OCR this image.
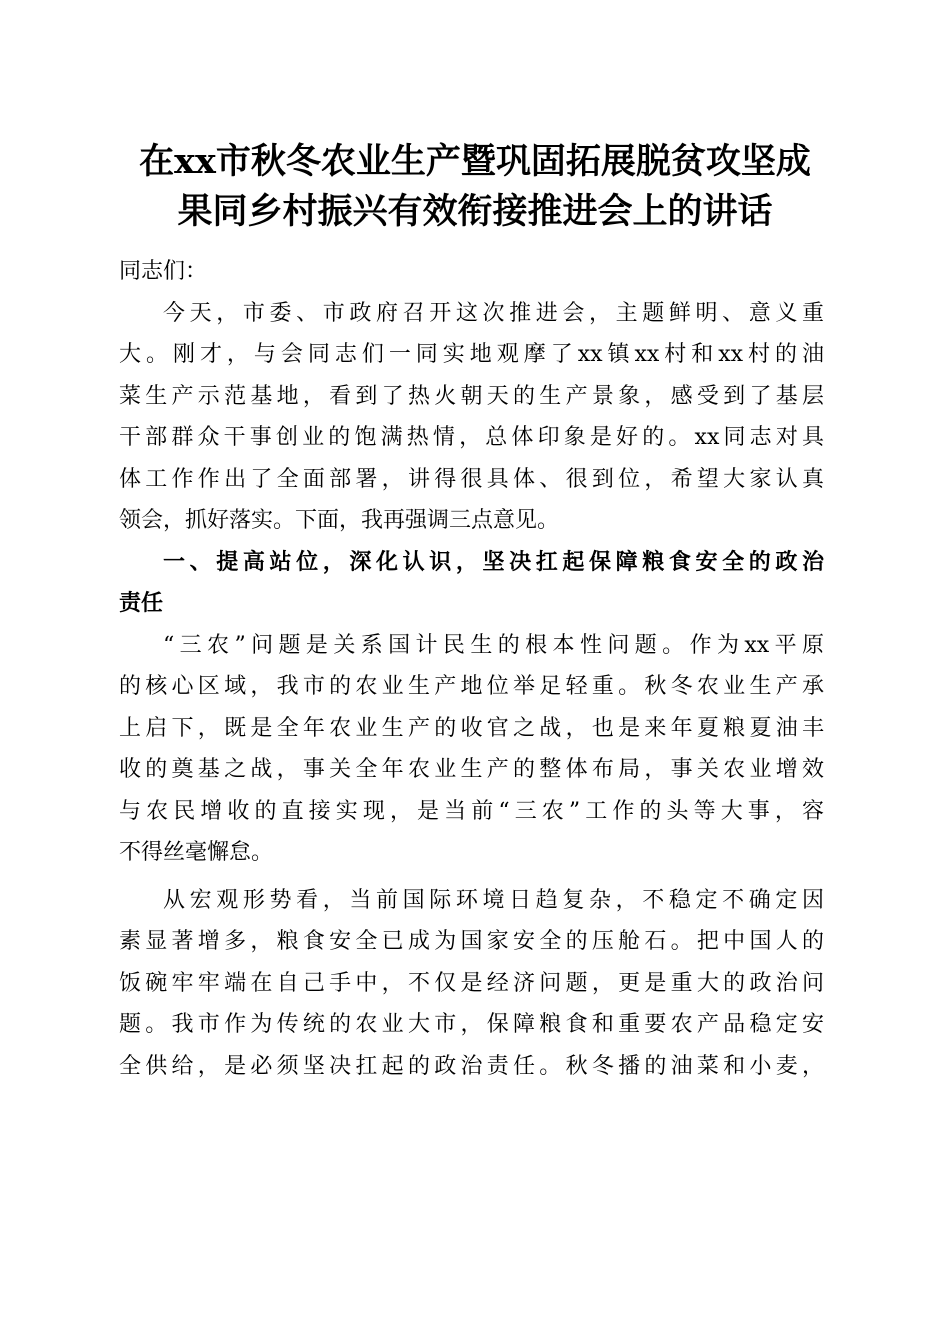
在xx市秋冬农业生产暨巩固拓展脱贫攻坚成
果同乡村振兴有效衔接推进会上的讲话

同志们：

今天，市委、市政府召开这次推进会，主题鲜明、意义重
大。刚才，与会同志们一同实地观摩了xx镇xx村和xx村的油
菜生产示范基地，看到了热火朝天的生产景象，感受到了基层
干部群众干事创业的饱满热情，总体印象是好的。xx同志对具
体工作作出了全面部署，讲得很具体、很到位，希望大家认真
领会，抓好落实。下面，我再强调三点意见。

一、提高站位，深化认识，坚决扛起保障粮食安全的政治
责任

“三农”问题是关系国计民生的根本性问题。作为xx平原
的核心区域，我市的农业生产地位举足轻重。秋冬农业生产承
上启下，既是全年农业生产的收官之战，也是来年夏粮夏油丰
收的奠基之战，事关全年农业生产的整体布局，事关农业增效
与农民增收的直接实现，是当前“三农”工作的头等大事，容
不得丝毫懈怠。

从宏观形势看，当前国际环境日趋复杂，不稳定不确定因
素显著增多，粮食安全已成为国家安全的压舱石。把中国人的
饭碗牢牢端在自己手中，不仅是经济问题，更是重大的政治问
题。我市作为传统的农业大市，保障粮食和重要农产品稳定安
全供给，是必须坚决扛起的政治责任。秋冬播的油菜和小麦，
